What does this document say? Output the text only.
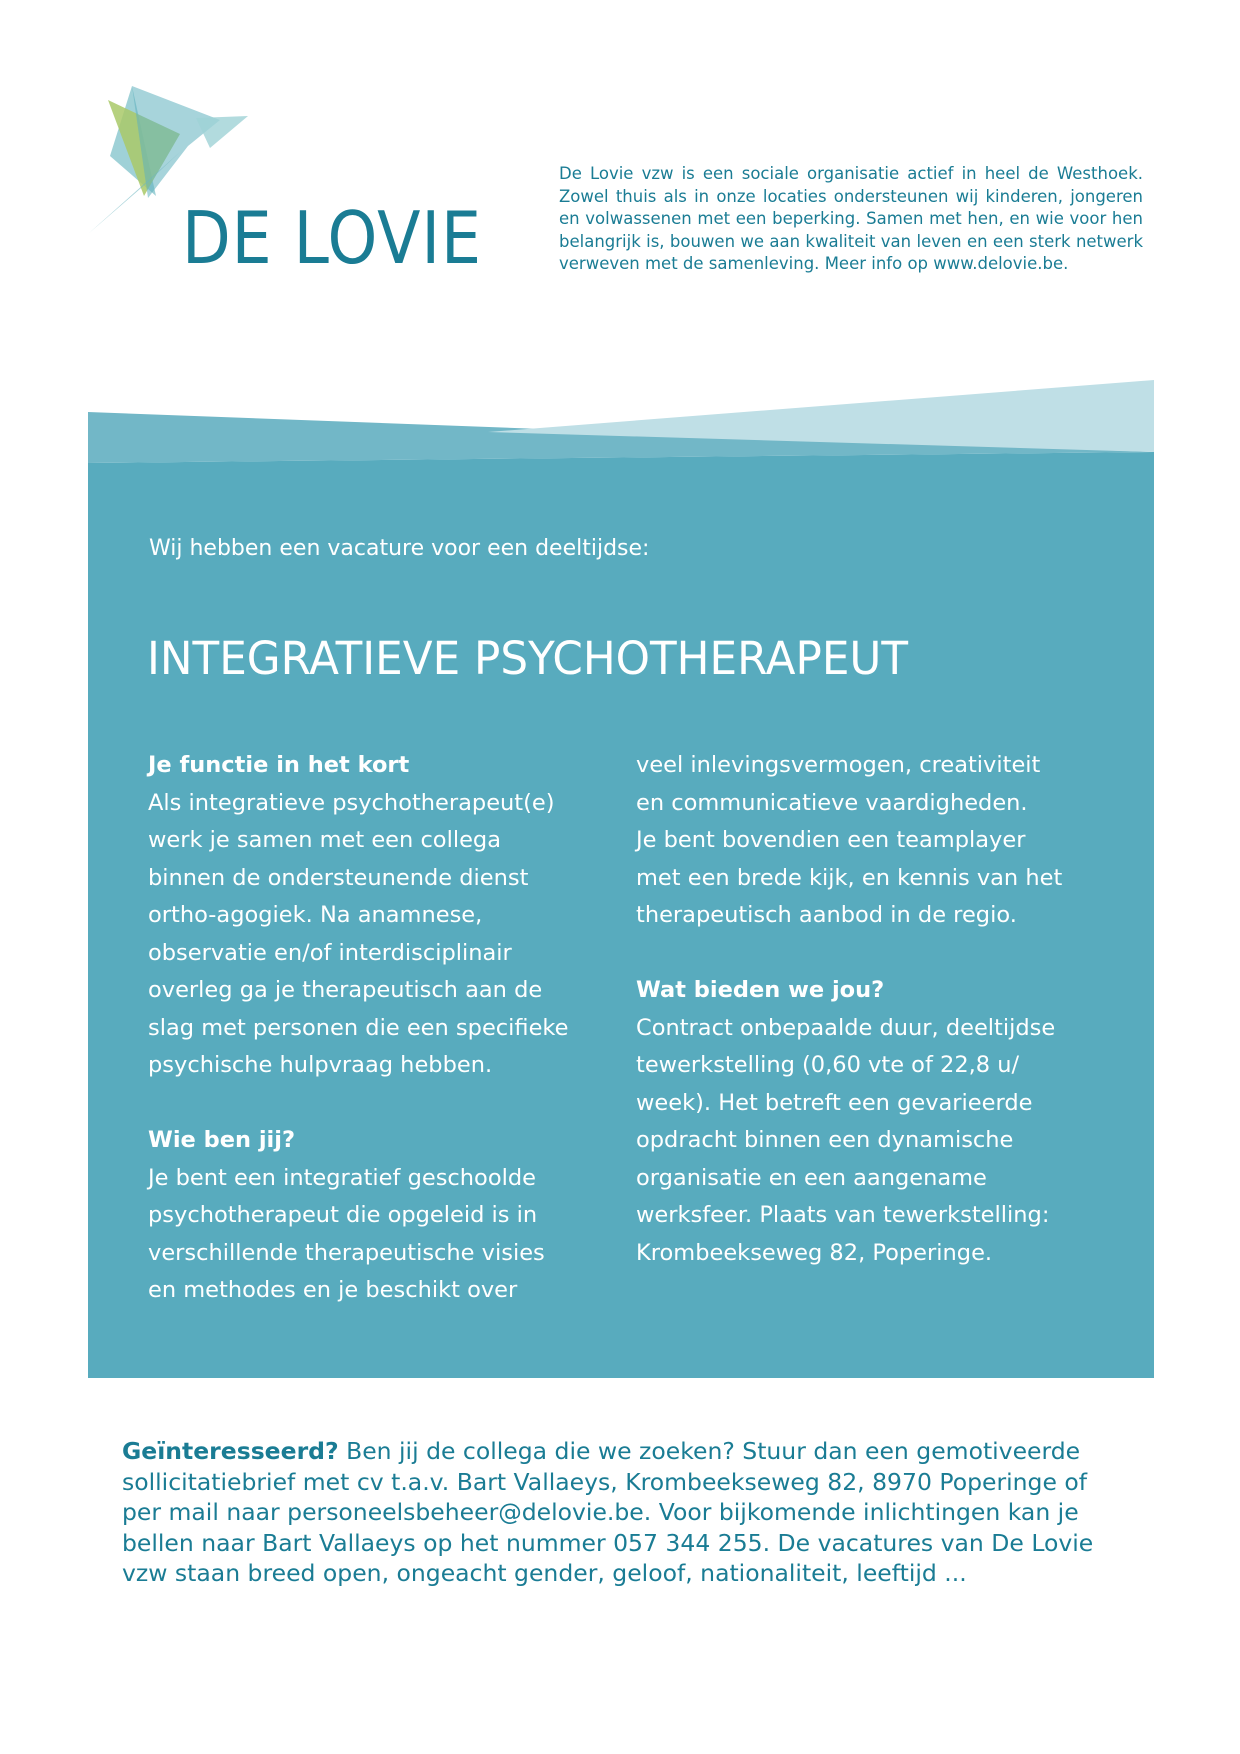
DE LOVIE
De Lovie vzw is een sociale organisatie actief in heel de Westhoek. Zowel thuis als in onze locaties ondersteunen wij kinderen, jongeren en volwassenen met een beperking. Samen met hen, en wie voor hen belangrijk is, bouwen we aan kwaliteit van leven en een sterk netwerk verweven met de samenleving. Meer info op www.delovie.be.
Wij hebben een vacature voor een deeltijdse:
INTEGRATIEVE PSYCHOTHERAPEUT
Je functie in het kort
Als integratieve psychotherapeut(e)
werk je samen met een collega
binnen de ondersteunende dienst
ortho-agogiek. Na anamnese,
observatie en/of interdisciplinair
overleg ga je therapeutisch aan de
slag met personen die een specifieke
psychische hulpvraag hebben.
Wie ben jij?
Je bent een integratief geschoolde
psychotherapeut die opgeleid is in
verschillende therapeutische visies
en methodes en je beschikt over
veel inlevingsvermogen, creativiteit
en communicatieve vaardigheden.
Je bent bovendien een teamplayer
met een brede kijk, en kennis van het
therapeutisch aanbod in de regio.
Wat bieden we jou?
Contract onbepaalde duur, deeltijdse
tewerkstelling (0,60 vte of 22,8 u/
week). Het betreft een gevarieerde
opdracht binnen een dynamische
organisatie en een aangename
werksfeer. Plaats van tewerkstelling:
Krombeekseweg 82, Poperinge.
Geïnteresseerd? Ben jij de collega die we zoeken? Stuur dan een gemotiveerde
sollicitatiebrief met cv t.a.v. Bart Vallaeys, Krombeekseweg 82, 8970 Poperinge of
per mail naar personeelsbeheer@delovie.be. Voor bijkomende inlichtingen kan je
bellen naar Bart Vallaeys op het nummer 057 344 255. De vacatures van De Lovie
vzw staan breed open, ongeacht gender, geloof, nationaliteit, leeftijd ...
